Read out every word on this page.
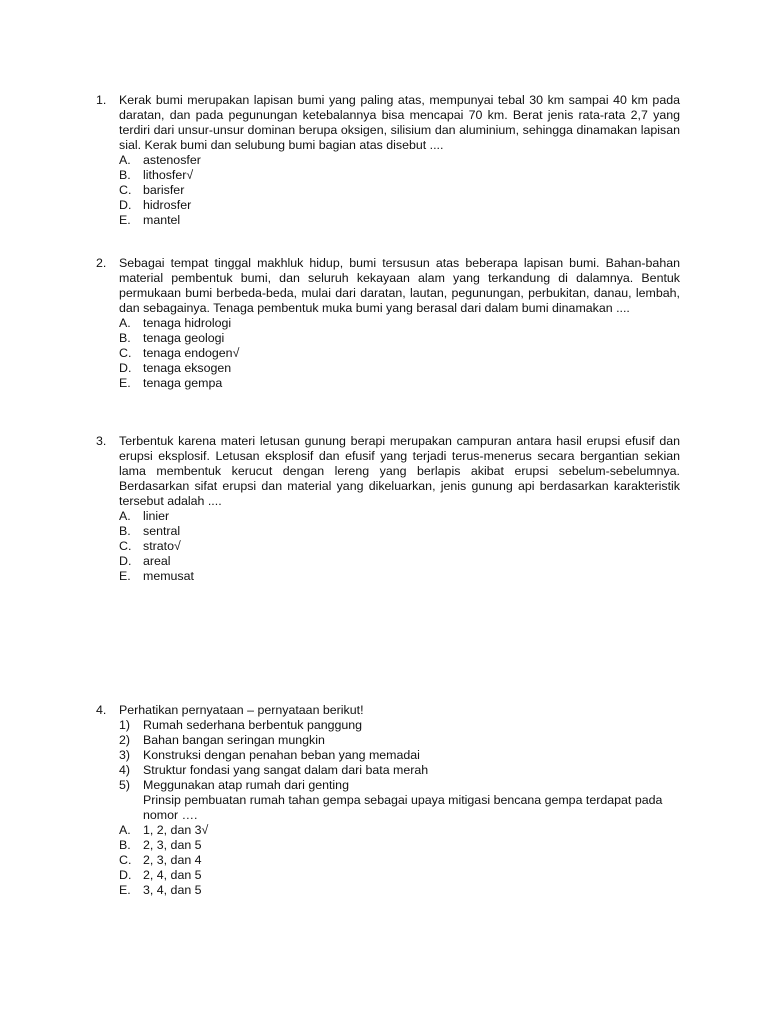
1. Kerak bumi merupakan lapisan bumi yang paling atas, mempunyai tebal 30 km sampai 40 km pada daratan, dan pada pegunungan ketebalannya bisa mencapai 70 km. Berat jenis rata-rata 2,7 yang terdiri dari unsur-unsur dominan berupa oksigen, silisium dan aluminium, sehingga dinamakan lapisan sial. Kerak bumi dan selubung bumi bagian atas disebut ....
A. astenosfer
B. lithosfer√
C. barisfer
D. hidrosfer
E. mantel
2. Sebagai tempat tinggal makhluk hidup, bumi tersusun atas beberapa lapisan bumi. Bahan-bahan material pembentuk bumi, dan seluruh kekayaan alam yang terkandung di dalamnya. Bentuk permukaan bumi berbeda-beda, mulai dari daratan, lautan, pegunungan, perbukitan, danau, lembah, dan sebagainya. Tenaga pembentuk muka bumi yang berasal dari dalam bumi dinamakan ....
A. tenaga hidrologi
B. tenaga geologi
C. tenaga endogen√
D. tenaga eksogen
E. tenaga gempa
3. Terbentuk karena materi letusan gunung berapi merupakan campuran antara hasil erupsi efusif dan erupsi eksplosif. Letusan eksplosif dan efusif yang terjadi terus-menerus secara bergantian sekian lama membentuk kerucut dengan lereng yang berlapis akibat erupsi sebelum-sebelumnya. Berdasarkan sifat erupsi dan material yang dikeluarkan, jenis gunung api berdasarkan karakteristik tersebut adalah ....
A. linier
B. sentral
C. strato√
D. areal
E. memusat
4. Perhatikan pernyataan – pernyataan berikut!
1)	Rumah sederhana berbentuk panggung
2)	Bahan bangan seringan mungkin
3)	Konstruksi dengan penahan beban yang memadai
4)	Struktur fondasi yang sangat dalam dari bata merah
5)	Meggunakan atap rumah dari genting
Prinsip pembuatan rumah tahan gempa sebagai upaya mitigasi bencana gempa terdapat pada nomor ….
A. 1, 2, dan 3√
B. 2, 3, dan 5
C. 2, 3, dan 4
D. 2, 4, dan 5
E. 3, 4, dan 5
